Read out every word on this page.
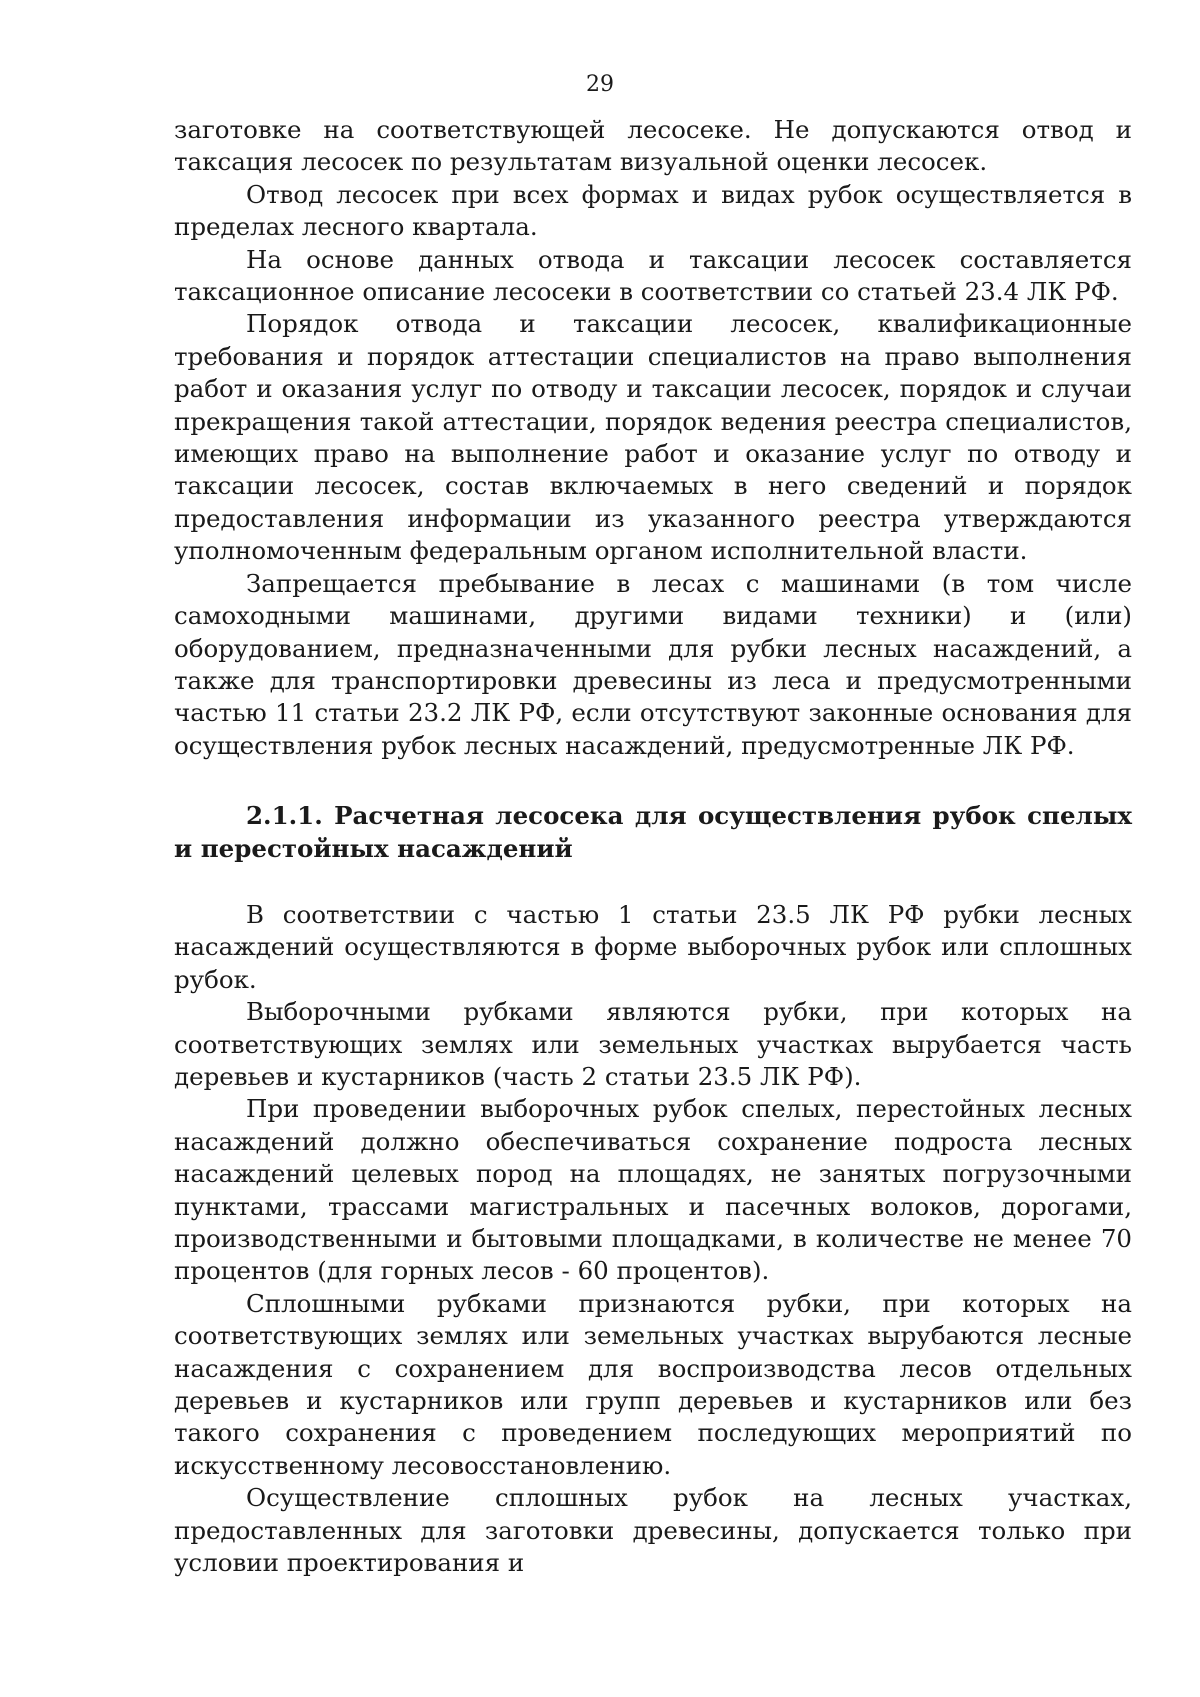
29

заготовке на соответствующей лесосеке. Не допускаются отвод и таксация лесосек по результатам визуальной оценки лесосек.

Отвод лесосек при всех формах и видах рубок осуществляется в пределах лесного квартала.

На основе данных отвода и таксации лесосек составляется таксационное описание лесосеки в соответствии со статьей 23.4 ЛК РФ.

Порядок отвода и таксации лесосек, квалификационные требования и порядок аттестации специалистов на право выполнения работ и оказания услуг по отводу и таксации лесосек, порядок и случаи прекращения такой аттестации, порядок ведения реестра специалистов, имеющих право на выполнение работ и оказание услуг по отводу и таксации лесосек, состав включаемых в него сведений и порядок предоставления информации из указанного реестра утверждаются уполномоченным федеральным органом исполнительной власти.

Запрещается пребывание в лесах с машинами (в том числе самоходными машинами, другими видами техники) и (или) оборудованием, предназначенными для рубки лесных насаждений, а также для транспортировки древесины из леса и предусмотренными частью 11 статьи 23.2 ЛК РФ, если отсутствуют законные основания для осуществления рубок лесных насаждений, предусмотренные ЛК РФ.

2.1.1. Расчетная лесосека для осуществления рубок спелых и перестойных насаждений

В соответствии с частью 1 статьи 23.5 ЛК РФ рубки лесных насаждений осуществляются в форме выборочных рубок или сплошных рубок.

Выборочными рубками являются рубки, при которых на соответствующих землях или земельных участках вырубается часть деревьев и кустарников (часть 2 статьи 23.5 ЛК РФ).

При проведении выборочных рубок спелых, перестойных лесных насаждений должно обеспечиваться сохранение подроста лесных насаждений целевых пород на площадях, не занятых погрузочными пунктами, трассами магистральных и пасечных волоков, дорогами, производственными и бытовыми площадками, в количестве не менее 70 процентов (для горных лесов - 60 процентов).

Сплошными рубками признаются рубки, при которых на соответствующих землях или земельных участках вырубаются лесные насаждения с сохранением для воспроизводства лесов отдельных деревьев и кустарников или групп деревьев и кустарников или без такого сохранения с проведением последующих мероприятий по искусственному лесовосстановлению.

Осуществление сплошных рубок на лесных участках, предоставленных для заготовки древесины, допускается только при условии проектирования и
